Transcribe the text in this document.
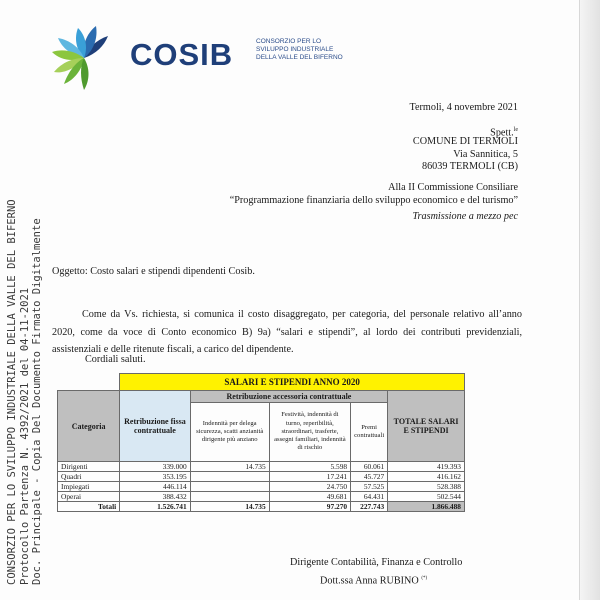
COSIB	CONSORZIO PER LO
SVILUPPO INDUSTRIALE
DELLA VALLE DEL BIFERNO
CONSORZIO PER LO SVILUPPO INDUSTRIALE DELLA VALLE DEL BIFERNO Protocollo Partenza N. 4392/2021 del 04-11-2021 Doc. Principale - Copia Del Documento Firmato Digitalmente
Termoli, 4 novembre 2021
Spett.$^{le}$
COMUNE DI TERMOLI
Via Sannitica, 5
86039 TERMOLI (CB)
Alla II Commissione Consiliare
“Programmazione finanziaria dello sviluppo economico e del turismo”
Trasmissione a mezzo pec
Oggetto: Costo salari e stipendi dipendenti Cosib.
Come da Vs. richiesta, si comunica il costo disaggregato, per categoria, del personale relativo all’anno 2020, come da voce di Conto economico B) 9a) “salari e stipendi”, al lordo dei contributi previdenziali, assistenziali e delle ritenute fiscali, a carico del dipendente.
Cordiali saluti.
	SALARI E STIPENDI ANNO 2020				
Categoria	Retribuzione fissa contrattuale	Retribuzione accessoria contrattuale			TOTALE SALARI E STIPENDI
		Indennità per delega sicurezza, scatti anzianità dirigente più anziano	Festività, indennità di turno, reperibilità, straordinari, trasferte, assegni familiari, indennità di rischio	Premi contrattuali	
Dirigenti	339.000	14.735	5.598	60.061	419.393
Quadri	353.195		17.241	45.727	416.162
Impiegati	446.114		24.750	57.525	528.388
Operai	388.432		49.681	64.431	502.544
Totali	1.526.741	14.735	97.270	227.743	1.866.488
Dirigente Contabilità, Finanza e Controllo
Dott.ssa Anna RUBINO (*)
